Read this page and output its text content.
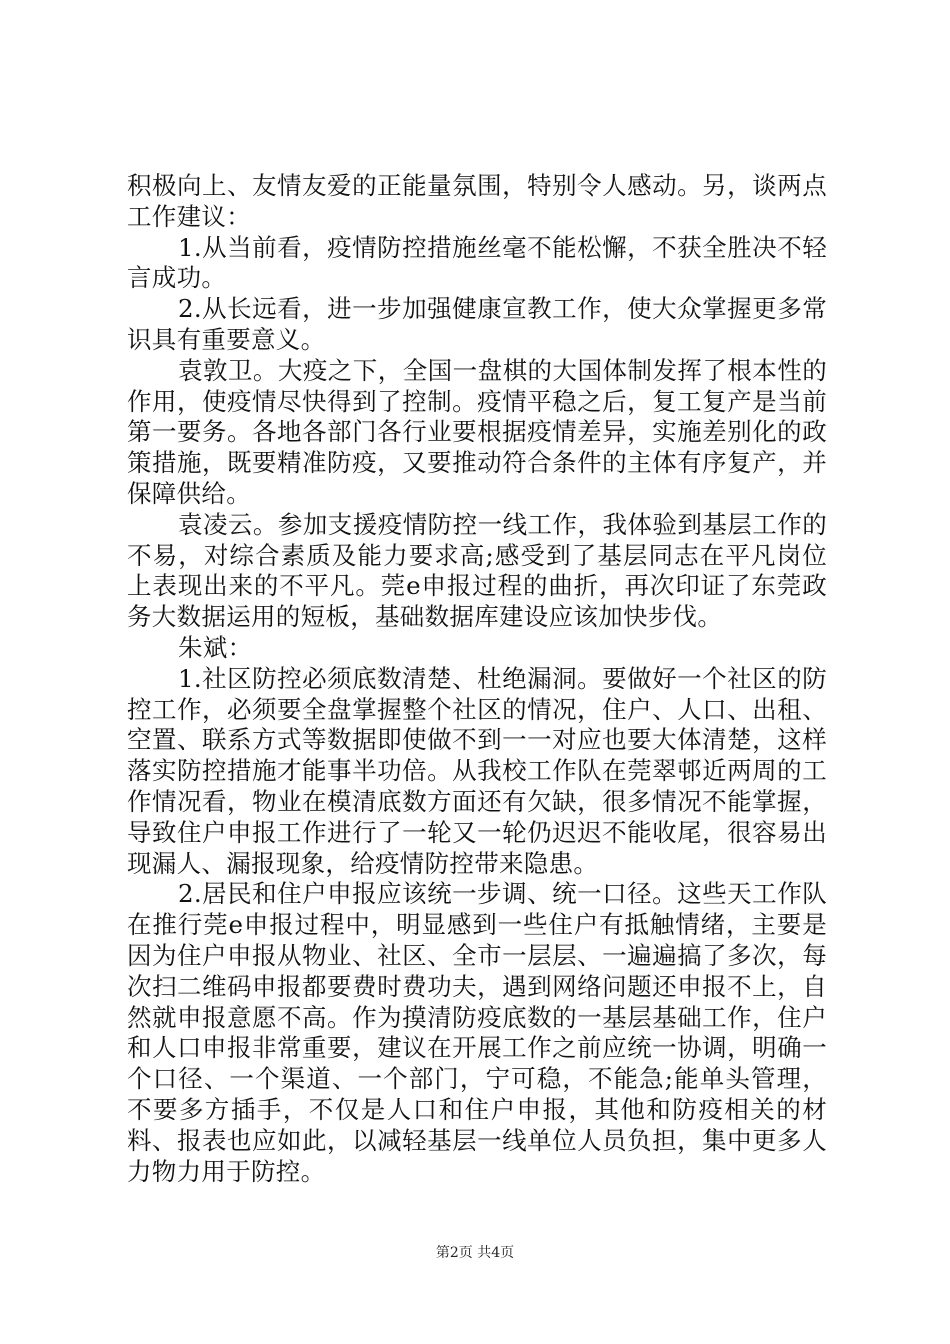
积极向上、友情友爱的正能量氛围，特别令人感动。另，谈两点工作建议：

1.从当前看，疫情防控措施丝毫不能松懈，不获全胜决不轻言成功。

2.从长远看，进一步加强健康宣教工作，使大众掌握更多常识具有重要意义。

袁敦卫。大疫之下，全国一盘棋的大国体制发挥了根本性的作用，使疫情尽快得到了控制。疫情平稳之后，复工复产是当前第一要务。各地各部门各行业要根据疫情差异，实施差别化的政策措施，既要精准防疫，又要推动符合条件的主体有序复产，并保障供给。

袁凌云。参加支援疫情防控一线工作，我体验到基层工作的不易，对综合素质及能力要求高;感受到了基层同志在平凡岗位上表现出来的不平凡。莞e申报过程的曲折，再次印证了东莞政务大数据运用的短板，基础数据库建设应该加快步伐。

朱斌：

1.社区防控必须底数清楚、杜绝漏洞。要做好一个社区的防控工作，必须要全盘掌握整个社区的情况，住户、人口、出租、空置、联系方式等数据即使做不到一一对应也要大体清楚，这样落实防控措施才能事半功倍。从我校工作队在莞翠邨近两周的工作情况看，物业在模清底数方面还有欠缺，很多情况不能掌握，导致住户申报工作进行了一轮又一轮仍迟迟不能收尾，很容易出现漏人、漏报现象，给疫情防控带来隐患。

2.居民和住户申报应该统一步调、统一口径。这些天工作队在推行莞e申报过程中，明显感到一些住户有抵触情绪，主要是因为住户申报从物业、社区、全市一层层、一遍遍搞了多次，每次扫二维码申报都要费时费功夫，遇到网络问题还申报不上，自然就申报意愿不高。作为摸清防疫底数的一基层基础工作，住户和人口申报非常重要，建议在开展工作之前应统一协调，明确一个口径、一个渠道、一个部门，宁可稳，不能急;能单头管理，不要多方插手，不仅是人口和住户申报，其他和防疫相关的材料、报表也应如此，以减轻基层一线单位人员负担，集中更多人力物力用于防控。

第2页 共4页
